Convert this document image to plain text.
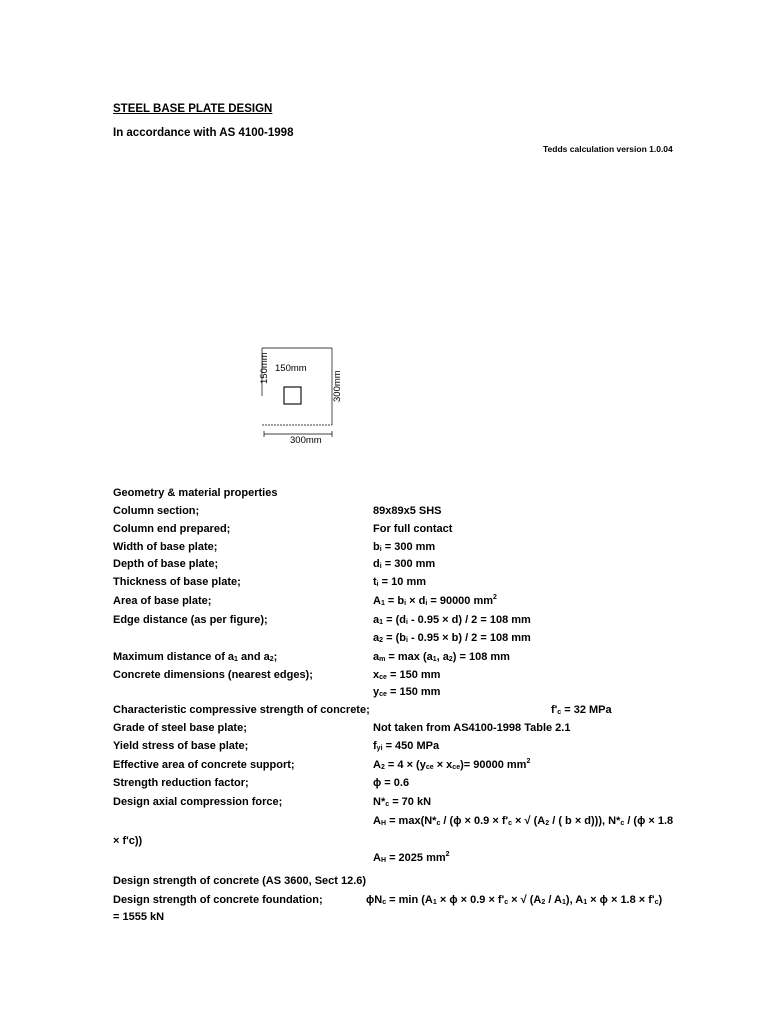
STEEL BASE PLATE DESIGN
In accordance with AS 4100-1998
Tedds calculation version 1.0.04
150mm
150mm
300mm
300mm
Geometry & material properties
Column section;	89x89x5 SHS
Column end prepared;	For full contact
Width of base plate;	$b_i = 300$ mm
Depth of base plate;	$d_i = 300$ mm
Thickness of base plate;	$t_i = 10$ mm
Area of base plate;	$A_1 = b_i \times d_i = 90000$ $mm^2$
Edge distance (as per figure);	$a_1 = (d_i - 0.95 \times d) / 2 = 108$ mm
$a_2 = (b_i - 0.95 \times b) / 2 = 108$ mm
Maximum distance of $a_1$ and $a_2$;	$a_m = \max (a_1$, $a_2) = 108$ mm
Concrete dimensions (nearest edges);	$x_{ce} = 150$ mm
$y_{ce} = 150$ mm
Characteristic compressive strength of concrete;	$f'_c = 32$ MPa
Grade of steel base plate;	Not taken from AS4100-1998 Table 2.1
Yield stress of base plate;	$f_{yi} = 450$ MPa
Effective area of concrete support;	$A_2 = 4 \times (y_{ce} \times x_{ce})= 90000$ $mm^2$
Strength reduction factor;	ϕ = 0.6
Design axial compression force;	$N*_c = 70$ kN
$A_H = \max(N*_c / (\phi \times 0.9 \times f'_c$ × √ ($A_2$ / ( b × d))), $N*_c / (\phi \times 1.8$
× f'c))
$A_H = 2025$ $mm^2$
Design strength of concrete (AS 3600, Sect 12.6)
Design strength of concrete foundation;	$\phi N_c = \min (A_1 \times \phi \times 0.9 \times f'_c$ × √ $(A_2 / A_1)$, $A_1 \times \phi \times 1.8 \times f'_c$)
= 1555 kN
